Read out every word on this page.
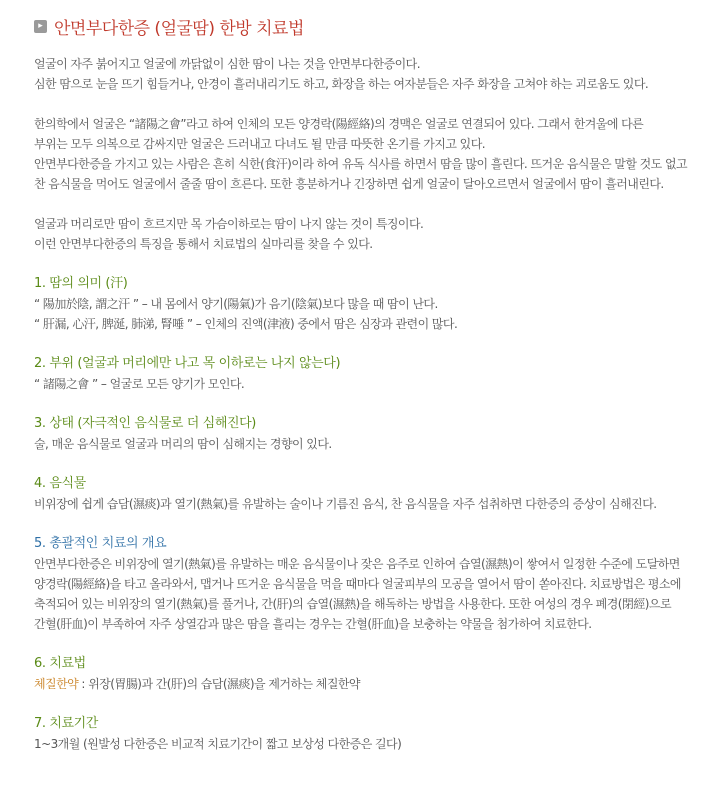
▸ 안면부다한증 (얼굴땀) 한방 치료법
얼굴이 자주 붉어지고 얼굴에 까닭없이 심한 땀이 나는 것을 안면부다한증이다.
심한 땀으로 눈을 뜨기 힘들거나, 안경이 흘러내리기도 하고, 화장을 하는 여자분들은 자주 화장을 고쳐야 하는 괴로움도 있다.
한의학에서 얼굴은 “諸陽之會”라고 하여 인체의 모든 양경락(陽經絡)의 경맥은 얼굴로 연결되어 있다. 그래서 한겨울에 다른
부위는 모두 의복으로 감싸지만 얼굴은 드러내고 다녀도 될 만큼 따뜻한 온기를 가지고 있다.
안면부다한증을 가지고 있는 사람은 흔히 식한(食汗)이라 하여 유독 식사를 하면서 땀을 많이 흘린다. 뜨거운 음식물은 말할 것도 없고
찬 음식물을 먹어도 얼굴에서 줄줄 땀이 흐른다. 또한 흥분하거나 긴장하면 쉽게 얼굴이 달아오르면서 얼굴에서 땀이 흘러내린다.
얼굴과 머리로만 땀이 흐르지만 목 가슴이하로는 땀이 나지 않는 것이 특징이다.
이런 안면부다한증의 특징을 통해서 치료법의 실마리를 찾을 수 있다.
1. 땀의 의미 (汗)
“ 陽加於陰, 謂之汗 ” – 내 몸에서 양기(陽氣)가 음기(陰氣)보다 많을 때 땀이 난다.
“ 肝漏, 心汗, 脾涎, 肺涕, 腎唾 ” – 인체의 진액(津液) 중에서 땀은 심장과 관련이 많다.
2. 부위 (얼굴과 머리에만 나고 목 이하로는 나지 않는다)
“ 諸陽之會 ” – 얼굴로 모든 양기가 모인다.
3. 상태 (자극적인 음식물로 더 심해진다)
술, 매운 음식물로 얼굴과 머리의 땀이 심해지는 경향이 있다.
4. 음식물
비위장에 쉽게 습담(濕痰)과 열기(熱氣)를 유발하는 술이나 기름진 음식, 찬 음식물을 자주 섭취하면 다한증의 증상이 심해진다.
5. 총괄적인 치료의 개요
안면부다한증은 비위장에 열기(熱氣)를 유발하는 매운 음식물이나 잦은 음주로 인하여 습열(濕熱)이 쌓여서 일정한 수준에 도달하면
양경락(陽經絡)을 타고 올라와서, 맵거나 뜨거운 음식물을 먹을 때마다 얼굴피부의 모공을 열어서 땀이 쏟아진다. 치료방법은 평소에
축적되어 있는 비위장의 열기(熱氣)를 풀거나, 간(肝)의 습열(濕熱)을 해독하는 방법을 사용한다. 또한 여성의 경우 폐경(閉經)으로
간혈(肝血)이 부족하여 자주 상열감과 많은 땀을 흘리는 경우는 간혈(肝血)을 보충하는 약물을 첨가하여 치료한다.
6. 치료법
체질한약 : 위장(胃腸)과 간(肝)의 습담(濕痰)을 제거하는 체질한약
7. 치료기간
1~3개월 (원발성 다한증은 비교적 치료기간이 짧고 보상성 다한증은 길다)
